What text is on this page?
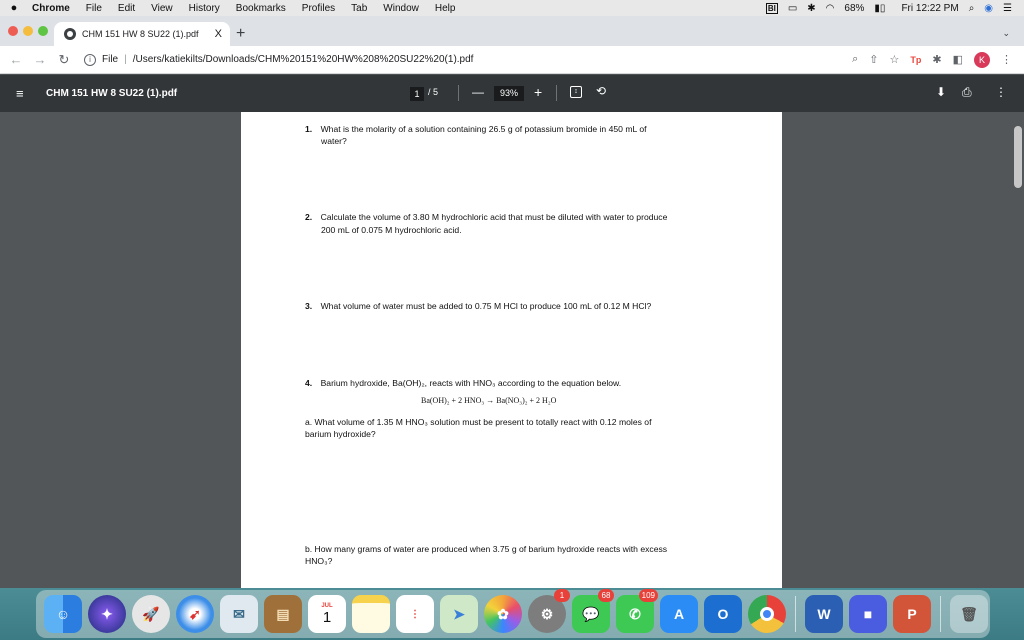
●	Chrome	File	Edit	View	History	Bookmarks	Profiles	Tab	Window	Help	BI ▭ ✱ ◠ 68% ▮▯ Fri 12:22 PM ⌕ ◉ ☰
CHM 151 HW 8 SU22 (1).pdf X +	⌄
← → ↻	i	File | /Users/katiekilts/Downloads/CHM%20151%20HW%208%20SU22%20(1).pdf	⌕ ⇧ ☆ Tp ✱ ◧	K	⋮
≡	CHM 151 HW 8 SU22 (1).pdf	1 / 5	—	93%	+	↕	⟲	⬇ ⎙ ⋮
1. What is the molarity of a solution containing 26.5 g of potassium bromide in 450 mL of
water?
2. Calculate the volume of 3.80 M hydrochloric acid that must be diluted with water to produce
200 mL of 0.075 M hydrochloric acid.
3. What volume of water must be added to 0.75 M HCl to produce 100 mL of 0.12 M HCl?
4. Barium hydroxide, Ba(OH)₂, reacts with HNO₃ according to the equation below.
Ba(OH)₂ + 2 HNO₃ → Ba(NO₃)₂ + 2 H₂O
a. What volume of 1.35 M HNO₃ solution must be present to totally react with 0.12 moles of
barium hydroxide?
b. How many grams of water are produced when 3.75 g of barium hydroxide reacts with excess
HNO₃?
☺	✦	🚀	➹	✉	▤	JUL
1	⋮	➤	✿	⚙
1
💬
68
✆
109
A	O	W	■	P	🗑
